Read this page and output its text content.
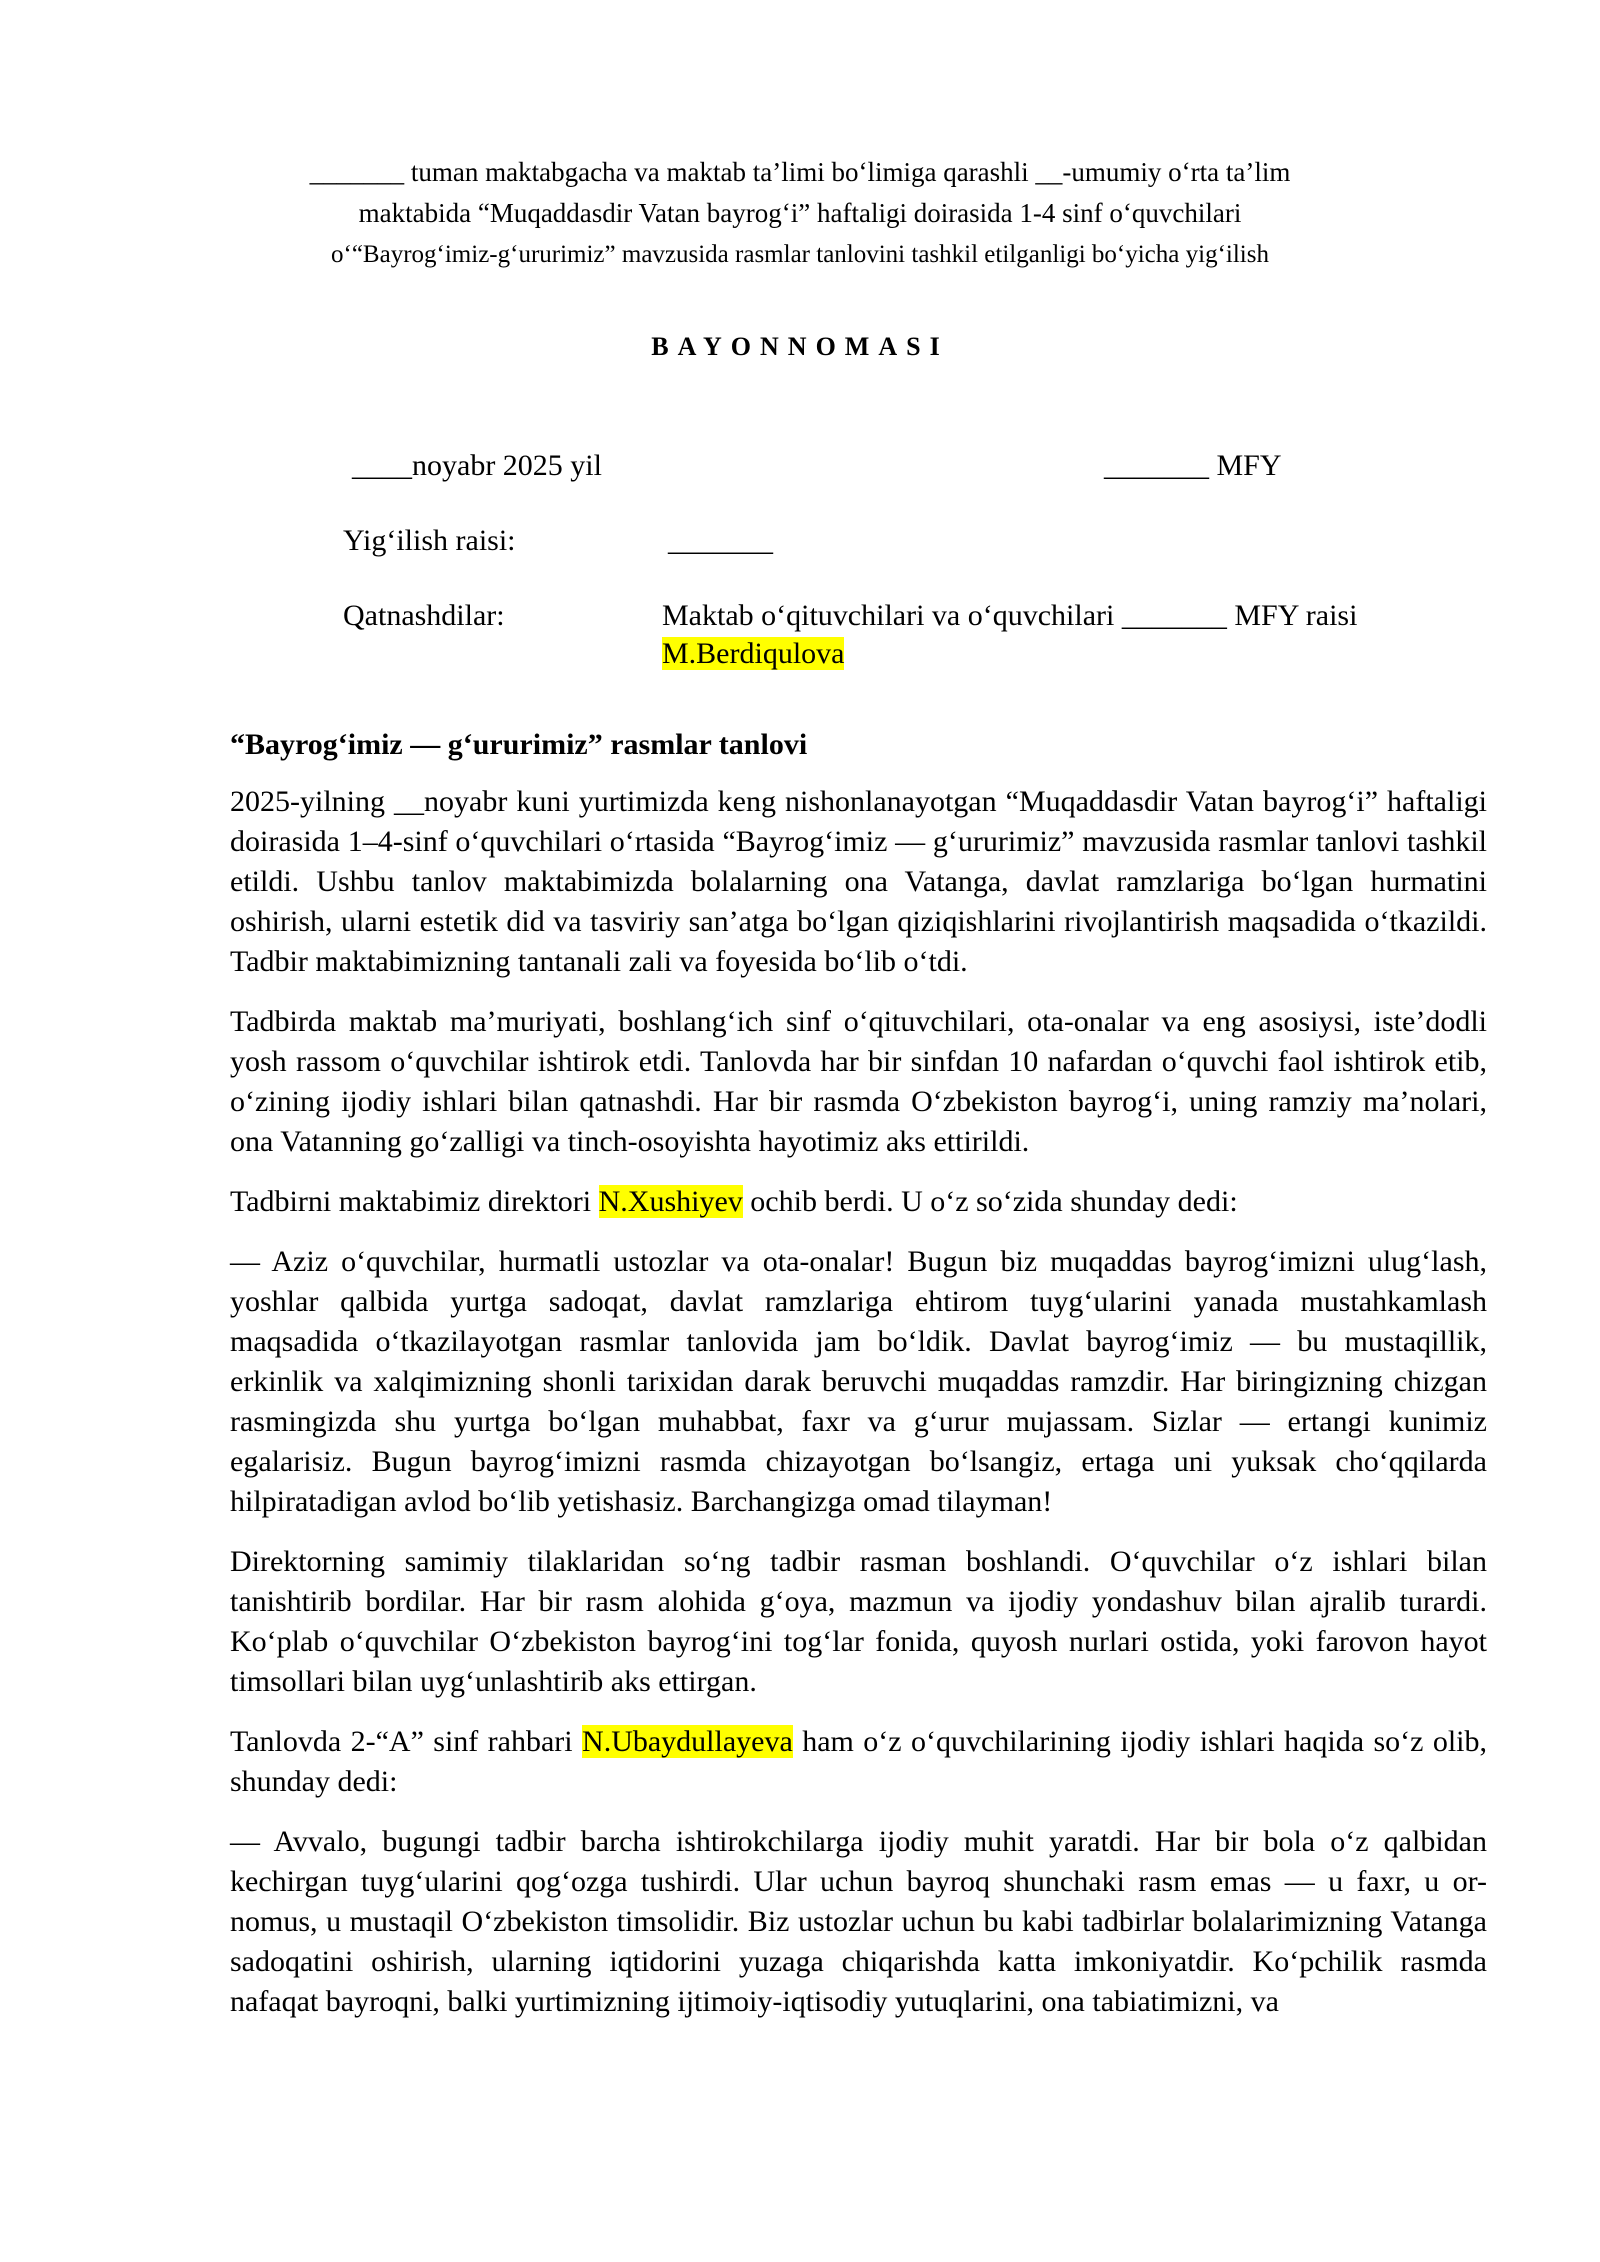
_______ tuman maktabgacha va maktab ta’limi bo‘limiga qarashli __-umumiy o‘rta ta’lim
maktabida “Muqaddasdir Vatan bayrog‘i” haftaligi doirasida 1-4 sinf o‘quvchilari
o‘“Bayrog‘imiz-g‘ururimiz” mavzusida rasmlar tanlovini tashkil etilganligi bo‘yicha yig‘ilish
BAYONNOMASI
____noyabr 2025 yil	_______ MFY
Yig‘ilish raisi:	_______
Qatnashdilar:	Maktab o‘qituvchilari va o‘quvchilari _______ MFY raisi
M.Berdiqulova
“Bayrog‘imiz — g‘ururimiz” rasmlar tanlovi

2025-yilning __noyabr kuni yurtimizda keng nishonlanayotgan “Muqaddasdir Vatan bayrog‘i” haftaligi doirasida 1–4-sinf o‘quvchilari o‘rtasida “Bayrog‘imiz — g‘ururimiz” mavzusida rasmlar tanlovi tashkil etildi. Ushbu tanlov maktabimizda bolalarning ona Vatanga, davlat ramzlariga bo‘lgan hurmatini oshirish, ularni estetik did va tasviriy san’atga bo‘lgan qiziqishlarini rivojlantirish maqsadida o‘tkazildi. Tadbir maktabimizning tantanali zali va foyesida bo‘lib o‘tdi.

Tadbirda maktab ma’muriyati, boshlang‘ich sinf o‘qituvchilari, ota-onalar va eng asosiysi, iste’dodli yosh rassom o‘quvchilar ishtirok etdi. Tanlovda har bir sinfdan 10 nafardan o‘quvchi faol ishtirok etib, o‘zining ijodiy ishlari bilan qatnashdi. Har bir rasmda O‘zbekiston bayrog‘i, uning ramziy ma’nolari, ona Vatanning go‘zalligi va tinch-osoyishta hayotimiz aks ettirildi.

Tadbirni maktabimiz direktori N.Xushiyev ochib berdi. U o‘z so‘zida shunday dedi:

— Aziz o‘quvchilar, hurmatli ustozlar va ota-onalar! Bugun biz muqaddas bayrog‘imizni ulug‘lash, yoshlar qalbida yurtga sadoqat, davlat ramzlariga ehtirom tuyg‘ularini yanada mustahkamlash maqsadida o‘tkazilayotgan rasmlar tanlovida jam bo‘ldik. Davlat bayrog‘imiz — bu mustaqillik, erkinlik va xalqimizning shonli tarixidan darak beruvchi muqaddas ramzdir. Har biringizning chizgan rasmingizda shu yurtga bo‘lgan muhabbat, faxr va g‘urur mujassam. Sizlar — ertangi kunimiz egalarisiz. Bugun bayrog‘imizni rasmda chizayotgan bo‘lsangiz, ertaga uni yuksak cho‘qqilarda hilpiratadigan avlod bo‘lib yetishasiz. Barchangizga omad tilayman!

Direktorning samimiy tilaklaridan so‘ng tadbir rasman boshlandi. O‘quvchilar o‘z ishlari bilan tanishtirib bordilar. Har bir rasm alohida g‘oya, mazmun va ijodiy yondashuv bilan ajralib turardi. Ko‘plab o‘quvchilar O‘zbekiston bayrog‘ini tog‘lar fonida, quyosh nurlari ostida, yoki farovon hayot timsollari bilan uyg‘unlashtirib aks ettirgan.

Tanlovda 2-“A” sinf rahbari N.Ubaydullayeva ham o‘z o‘quvchilarining ijodiy ishlari haqida so‘z olib, shunday dedi:

— Avvalo, bugungi tadbir barcha ishtirokchilarga ijodiy muhit yaratdi. Har bir bola o‘z qalbidan kechirgan tuyg‘ularini qog‘ozga tushirdi. Ular uchun bayroq shunchaki rasm emas — u faxr, u or-nomus, u mustaqil O‘zbekiston timsolidir. Biz ustozlar uchun bu kabi tadbirlar bolalarimizning Vatanga sadoqatini oshirish, ularning iqtidorini yuzaga chiqarishda katta imkoniyatdir. Ko‘pchilik rasmda nafaqat bayroqni, balki yurtimizning ijtimoiy-iqtisodiy yutuqlarini, ona tabiatimizni, va
